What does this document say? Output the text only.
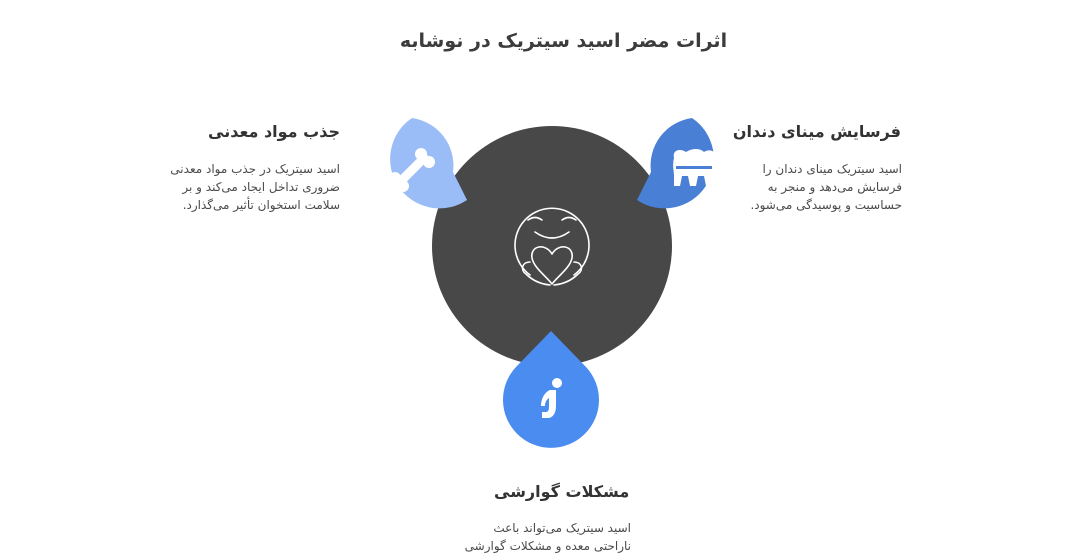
اثرات مضر اسید سیتریک در نوشابه
فرسایش مینای دندان
اسید سیتریک مینای دندان را
فرسایش می‌دهد و منجر به
حساسیت و پوسیدگی می‌شود.
جذب مواد معدنی
اسید سیتریک در جذب مواد معدنی
ضروری تداخل ایجاد می‌کند و بر
سلامت استخوان تأثیر می‌گذارد.
مشکلات گوارشی
اسید سیتریک می‌تواند باعث
ناراحتی معده و مشکلات گوارشی
